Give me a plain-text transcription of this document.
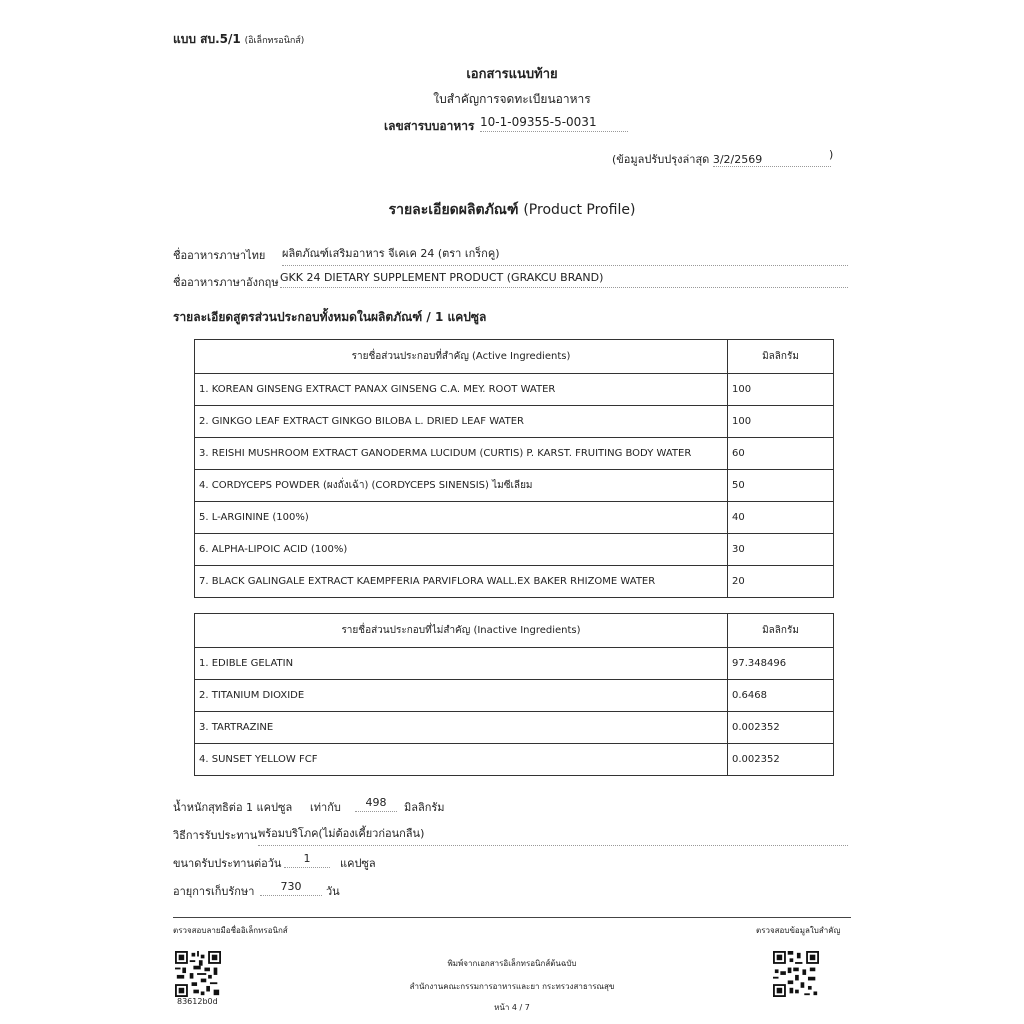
แบบ สบ.5/1 (อิเล็กทรอนิกส์)
เอกสารแนบท้าย
ใบสำคัญการจดทะเบียนอาหาร
เลขสารบบอาหาร 10-1-09355-5-0031
(ข้อมูลปรับปรุงล่าสุด 3/2/2569	)
รายละเอียดผลิตภัณฑ์ (Product Profile)
ชื่ออาหารภาษาไทย ผลิตภัณฑ์เสริมอาหาร จีเคเค 24 (ตรา เกร็กคู)
ชื่ออาหารภาษาอังกฤษ GKK 24 DIETARY SUPPLEMENT PRODUCT (GRAKCU BRAND)
รายละเอียดสูตรส่วนประกอบทั้งหมดในผลิตภัณฑ์ / 1 แคปซูล
รายชื่อส่วนประกอบที่สำคัญ (Active Ingredients)	มิลลิกรัม
1. KOREAN GINSENG EXTRACT PANAX GINSENG C.A. MEY. ROOT WATER	100
2. GINKGO LEAF EXTRACT GINKGO BILOBA L. DRIED LEAF WATER	100
3. REISHI MUSHROOM EXTRACT GANODERMA LUCIDUM (CURTIS) P. KARST. FRUITING BODY WATER	60
4. CORDYCEPS POWDER (ผงถั่งเฉ้า) (CORDYCEPS SINENSIS) ไมซีเลียม	50
5. L-ARGININE (100%)	40
6. ALPHA-LIPOIC ACID (100%)	30
7. BLACK GALINGALE EXTRACT KAEMPFERIA PARVIFLORA WALL.EX BAKER RHIZOME WATER	20
รายชื่อส่วนประกอบที่ไม่สำคัญ (Inactive Ingredients)	มิลลิกรัม
1. EDIBLE GELATIN	97.348496
2. TITANIUM DIOXIDE	0.6468
3. TARTRAZINE	0.002352
4. SUNSET YELLOW FCF	0.002352
น้ำหนักสุทธิต่อ 1 แคปซูล เท่ากับ	498	มิลลิกรัม
วิธีการรับประทาน พร้อมบริโภค(ไม่ต้องเคี้ยวก่อนกลืน)
ขนาดรับประทานต่อวัน	1	แคปซูล
อายุการเก็บรักษา	730	วัน
ตรวจสอบลายมือชื่ออิเล็กทรอนิกส์	ตรวจสอบข้อมูลใบสำคัญ
83612b0d
พิมพ์จากเอกสารอิเล็กทรอนิกส์ต้นฉบับ
สำนักงานคณะกรรมการอาหารและยา กระทรวงสาธารณสุข
หน้า 4 / 7
